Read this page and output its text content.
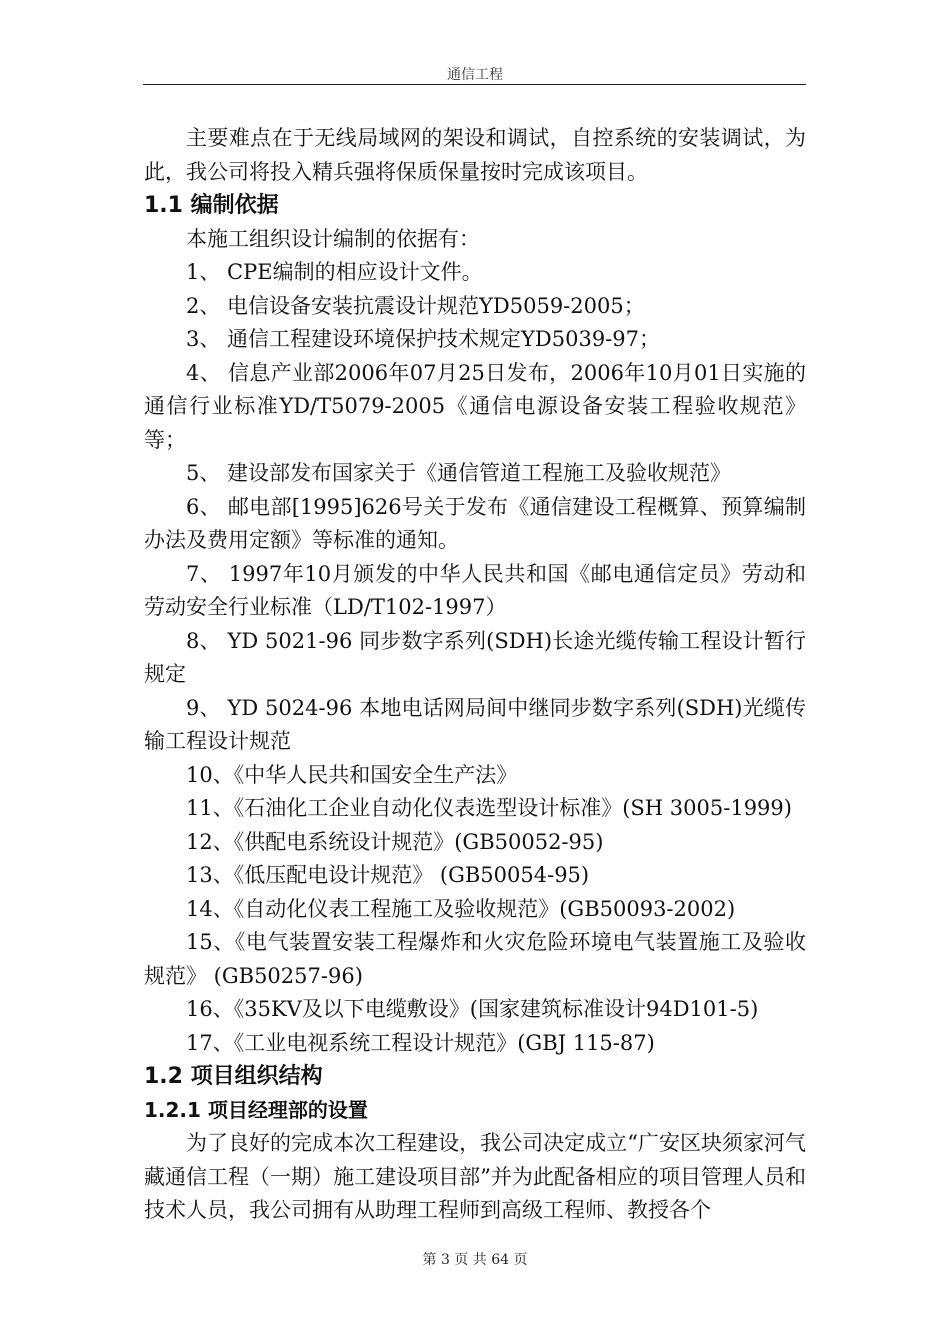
通信工程

主要难点在于无线局域网的架设和调试，自控系统的安装调试，为此，我公司将投入精兵强将保质保量按时完成该项目。

1.1 编制依据

本施工组织设计编制的依据有：

1、 CPE编制的相应设计文件。

2、 电信设备安装抗震设计规范YD5059-2005；

3、 通信工程建设环境保护技术规定YD5039-97；

4、 信息产业部2006年07月25日发布，2006年10月01日实施的通信行业标准YD/T5079-2005《通信电源设备安装工程验收规范》等；

5、 建设部发布国家关于《通信管道工程施工及验收规范》

6、 邮电部[1995]626号关于发布《通信建设工程概算、预算编制办法及费用定额》等标准的通知。

7、 1997年10月颁发的中华人民共和国《邮电通信定员》劳动和劳动安全行业标准（LD/T102-1997）

8、 YD 5021-96 同步数字系列(SDH)长途光缆传输工程设计暂行规定

9、 YD 5024-96 本地电话网局间中继同步数字系列(SDH)光缆传输工程设计规范

10、《中华人民共和国安全生产法》

11、《石油化工企业自动化仪表选型设计标准》(SH 3005-1999)

12、《供配电系统设计规范》(GB50052-95)

13、《低压配电设计规范》 (GB50054-95)

14、《自动化仪表工程施工及验收规范》(GB50093-2002)

15、《电气装置安装工程爆炸和火灾危险环境电气装置施工及验收规范》 (GB50257-96)

16、《35KV及以下电缆敷设》(国家建筑标准设计94D101-5)

17、《工业电视系统工程设计规范》(GBJ 115-87)

1.2 项目组织结构

1.2.1 项目经理部的设置

为了良好的完成本次工程建设，我公司决定成立“广安区块须家河气藏通信工程（一期）施工建设项目部”并为此配备相应的项目管理人员和技术人员，我公司拥有从助理工程师到高级工程师、教授各个

第 3 页 共 64 页
